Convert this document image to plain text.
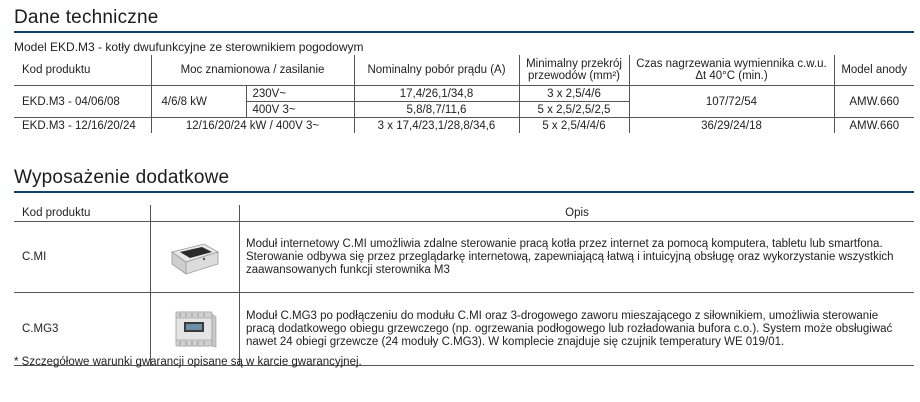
Dane techniczne
Model EKD.M3 - kotły dwufunkcyjne ze sterownikiem pogodowym
Kod produktu	Moc znamionowa / zasilanie		Nominalny pobór prądu (A)	Minimalny przekrój przewodów (mm²)	Czas nagrzewania wymiennika c.w.u. Δt 40°C (min.)	Model anody
EKD.M3 - 04/06/08	4/6/8 kW	230V~	17,4/26,1/34,8	3 x 2,5/4/6	107/72/54	AMW.660
		400V 3~	5,8/8,7/11,6	5 x 2,5/2,5/2,5		
EKD.M3 - 12/16/20/24	12/16/20/24 kW / 400V 3~		3 x 17,4/23,1/28,8/34,6	5 x 2,5/4/4/6	36/29/24/18	AMW.660
Wyposażenie dodatkowe
Kod produktu		Opis
C.MI		Moduł internetowy C.MI umożliwia zdalne sterowanie pracą kotła przez internet za pomocą komputera, tabletu lub smartfona. Sterowanie odbywa się przez przeglądarkę internetową, zapewniającą łatwą i intuicyjną obsługę oraz wykorzystanie wszystkich zaawansowanych funkcji sterownika M3
C.MG3		Moduł C.MG3 po podłączeniu do modułu C.MI oraz 3-drogowego zaworu mieszającego z siłownikiem, umożliwia sterowanie pracą dodatkowego obiegu grzewczego (np. ogrzewania podłogowego lub rozładowania bufora c.o.). System może obsługiwać nawet 24 obiegi grzewcze (24 moduły C.MG3). W komplecie znajduje się czujnik temperatury WE 019/01.
* Szczegółowe warunki gwarancji opisane są w karcie gwarancyjnej.
